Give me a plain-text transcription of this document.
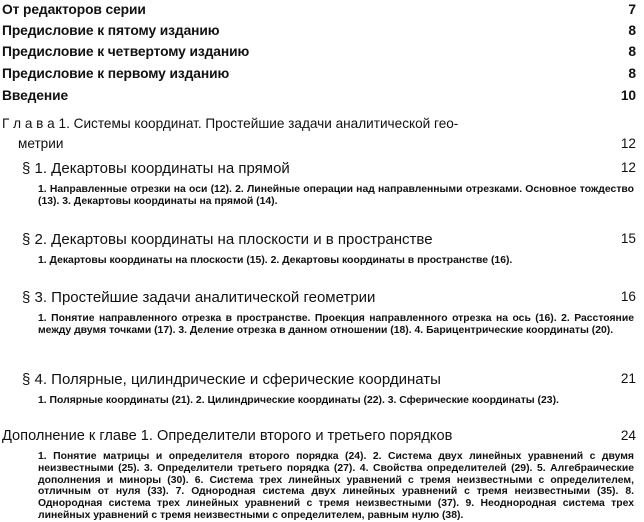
От редакторов серии	7
Предисловие к пятому изданию	8
Предисловие к четвертому изданию	8
Предисловие к первому изданию	8
Введение	10
Г л а в а 1. Системы координат. Простейшие задачи аналитической гео-
метрии	12
§ 1. Декартовы координаты на прямой	12
1. Направленные отрезки на оси (12). 2. Линейные операции над направленными отрезками. Основное тождество (13). 3. Декартовы координаты на прямой (14).
§ 2. Декартовы координаты на плоскости и в пространстве	15
1. Декартовы координаты на плоскости (15). 2. Декартовы координаты в пространстве (16).
§ 3. Простейшие задачи аналитической геометрии	16
1. Понятие направленного отрезка в пространстве. Проекция направленного отрезка на ось (16). 2. Расстояние между двумя точками (17). 3. Деление отрезка в данном отношении (18). 4. Барицентрические координаты (20).
§ 4. Полярные, цилиндрические и сферические координаты	21
1. Полярные координаты (21). 2. Цилиндрические координаты (22). 3. Сферические координаты (23).
Дополнение к главе 1. Определители второго и третьего порядков	24
1. Понятие матрицы и определителя второго порядка (24). 2. Система двух линейных уравнений с двумя неизвестными (25). 3. Определители третьего порядка (27). 4. Свойства определителей (29). 5. Алгебраические дополнения и миноры (30). 6. Система трех линейных уравнений с тремя неизвестными с определителем, отличным от нуля (33). 7. Однородная система двух линейных уравнений с тремя неизвестными (35). 8. Однородная система трех линейных уравнений с тремя неизвестными (37). 9. Неоднородная система трех линейных уравнений с тремя неизвестными с определителем, равным нулю (38).
